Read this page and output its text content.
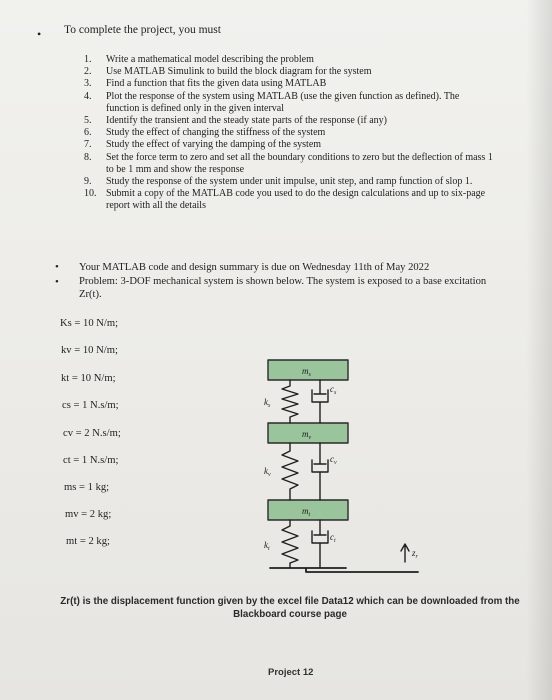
• To complete the project, you must
1.	Write a mathematical model describing the problem
2.	Use MATLAB Simulink to build the block diagram for the system
3.	Find a function that fits the given data using MATLAB
4.	Plot the response of the system using MATLAB (use the given function as defined). The function is defined only in the given interval
5.	Identify the transient and the steady state parts of the response (if any)
6.	Study the effect of changing the stiffness of the system
7.	Study the effect of varying the damping of the system
8.	Set the force term to zero and set all the boundary conditions to zero but the deflection of mass 1 to be 1 mm and show the response
9.	Study the response of the system under unit impulse, unit step, and ramp function of slop 1.
10. Submit a copy of the MATLAB code you used to do the design calculations and up to six-page report with all the details
• Your MATLAB code and design summary is due on Wednesday 11th of May 2022
• Problem: 3-DOF mechanical system is shown below. The system is exposed to a base excitation Zr(t).
Ks = 10 N/m;
kv = 10 N/m;
kt = 10 N/m;
cs = 1 N.s/m;
cv = 2 N.s/m;
ct = 1 N.s/m;
ms = 1 kg;
mv = 2 kg;
mt = 2 kg;
$m_s$
$m_v$
$m_t$
$k_s$
$k_v$
$k_t$
$c_s$
$c_v$
$c_t$
$z_r$
Zr(t) is the displacement function given by the excel file Data12 which can be downloaded from the Blackboard course page
Project 12
